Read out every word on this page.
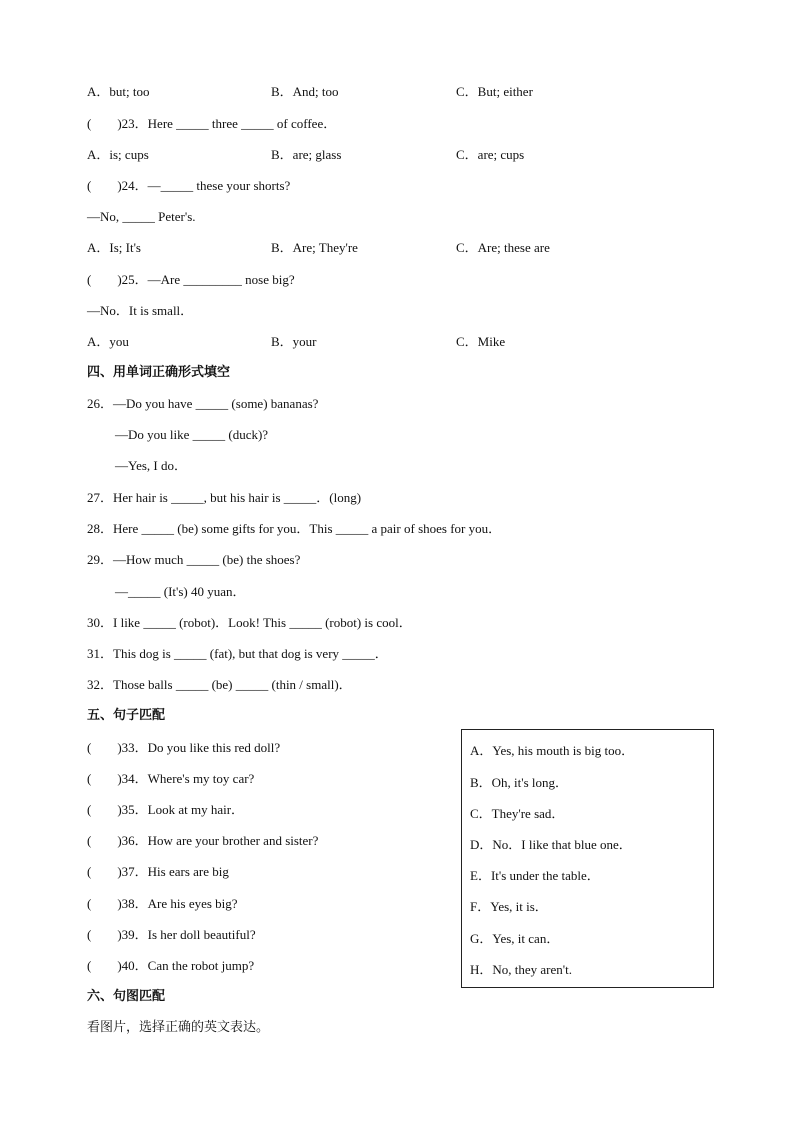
A．but; too	B．And; too	C．But; either
(　　)23．Here _____ three _____ of coffee．
A．is; cups	B．are; glass	C．are; cups
(　　)24．—_____ these your shorts?
—No, _____ Peter's.
A．Is; It's	B．Are; They're	C．Are; these are
(　　)25．—Are _________ nose big?
—No．It is small．
A．you	B．your	C．Mike
四、用单词正确形式填空
26．—Do you have _____ (some) bananas?
—Do you like _____ (duck)?
—Yes, I do．
27．Her hair is _____, but his hair is _____．(long)
28．Here _____ (be) some gifts for you．This _____ a pair of shoes for you．
29．—How much _____ (be) the shoes?
—_____ (It's) 40 yuan．
30．I like _____ (robot)．Look! This _____ (robot) is cool．
31．This dog is _____ (fat), but that dog is very _____．
32．Those balls _____ (be) _____ (thin / small)．
五、句子匹配
(　　)33．Do you like this red doll?
(　　)34．Where's my toy car?
(　　)35．Look at my hair．
(　　)36．How are your brother and sister?
(　　)37．His ears are big
(　　)38．Are his eyes big?
(　　)39．Is her doll beautiful?
(　　)40．Can the robot jump?
A．Yes, his mouth is big too．
B．Oh, it's long．
C．They're sad．
D．No．I like that blue one．
E．It's under the table．
F．Yes, it is．
G．Yes, it can．
H．No, they aren't.
六、句图匹配
看图片，选择正确的英文表达。
